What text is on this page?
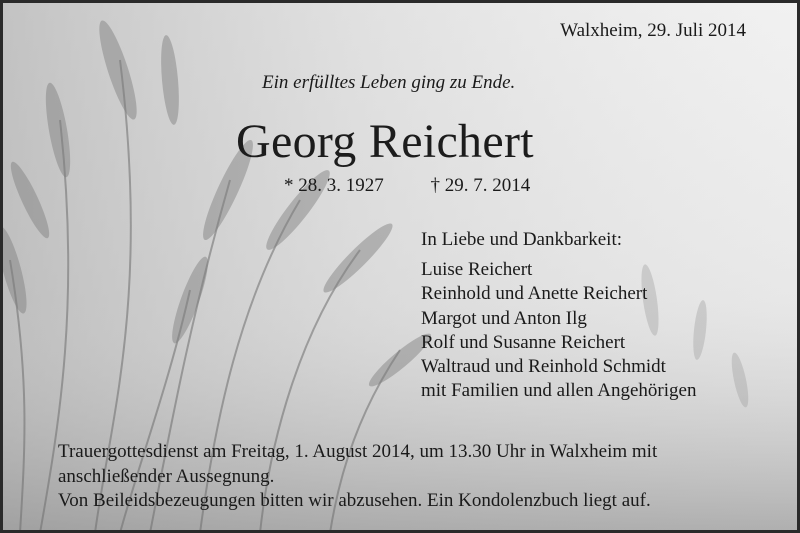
Walxheim, 29. Juli 2014
Ein erfülltes Leben ging zu Ende.
Georg Reichert
* 28. 3. 1927 † 29. 7. 2014
In Liebe und Dankbarkeit:
Luise Reichert
Reinhold und Anette Reichert
Margot und Anton Ilg
Rolf und Susanne Reichert
Waltraud und Reinhold Schmidt
mit Familien und allen Angehörigen
Trauergottesdienst am Freitag, 1. August 2014, um 13.30 Uhr in Walxheim mit
anschließender Aussegnung.
Von Beileidsbezeugungen bitten wir abzusehen. Ein Kondolenzbuch liegt auf.
